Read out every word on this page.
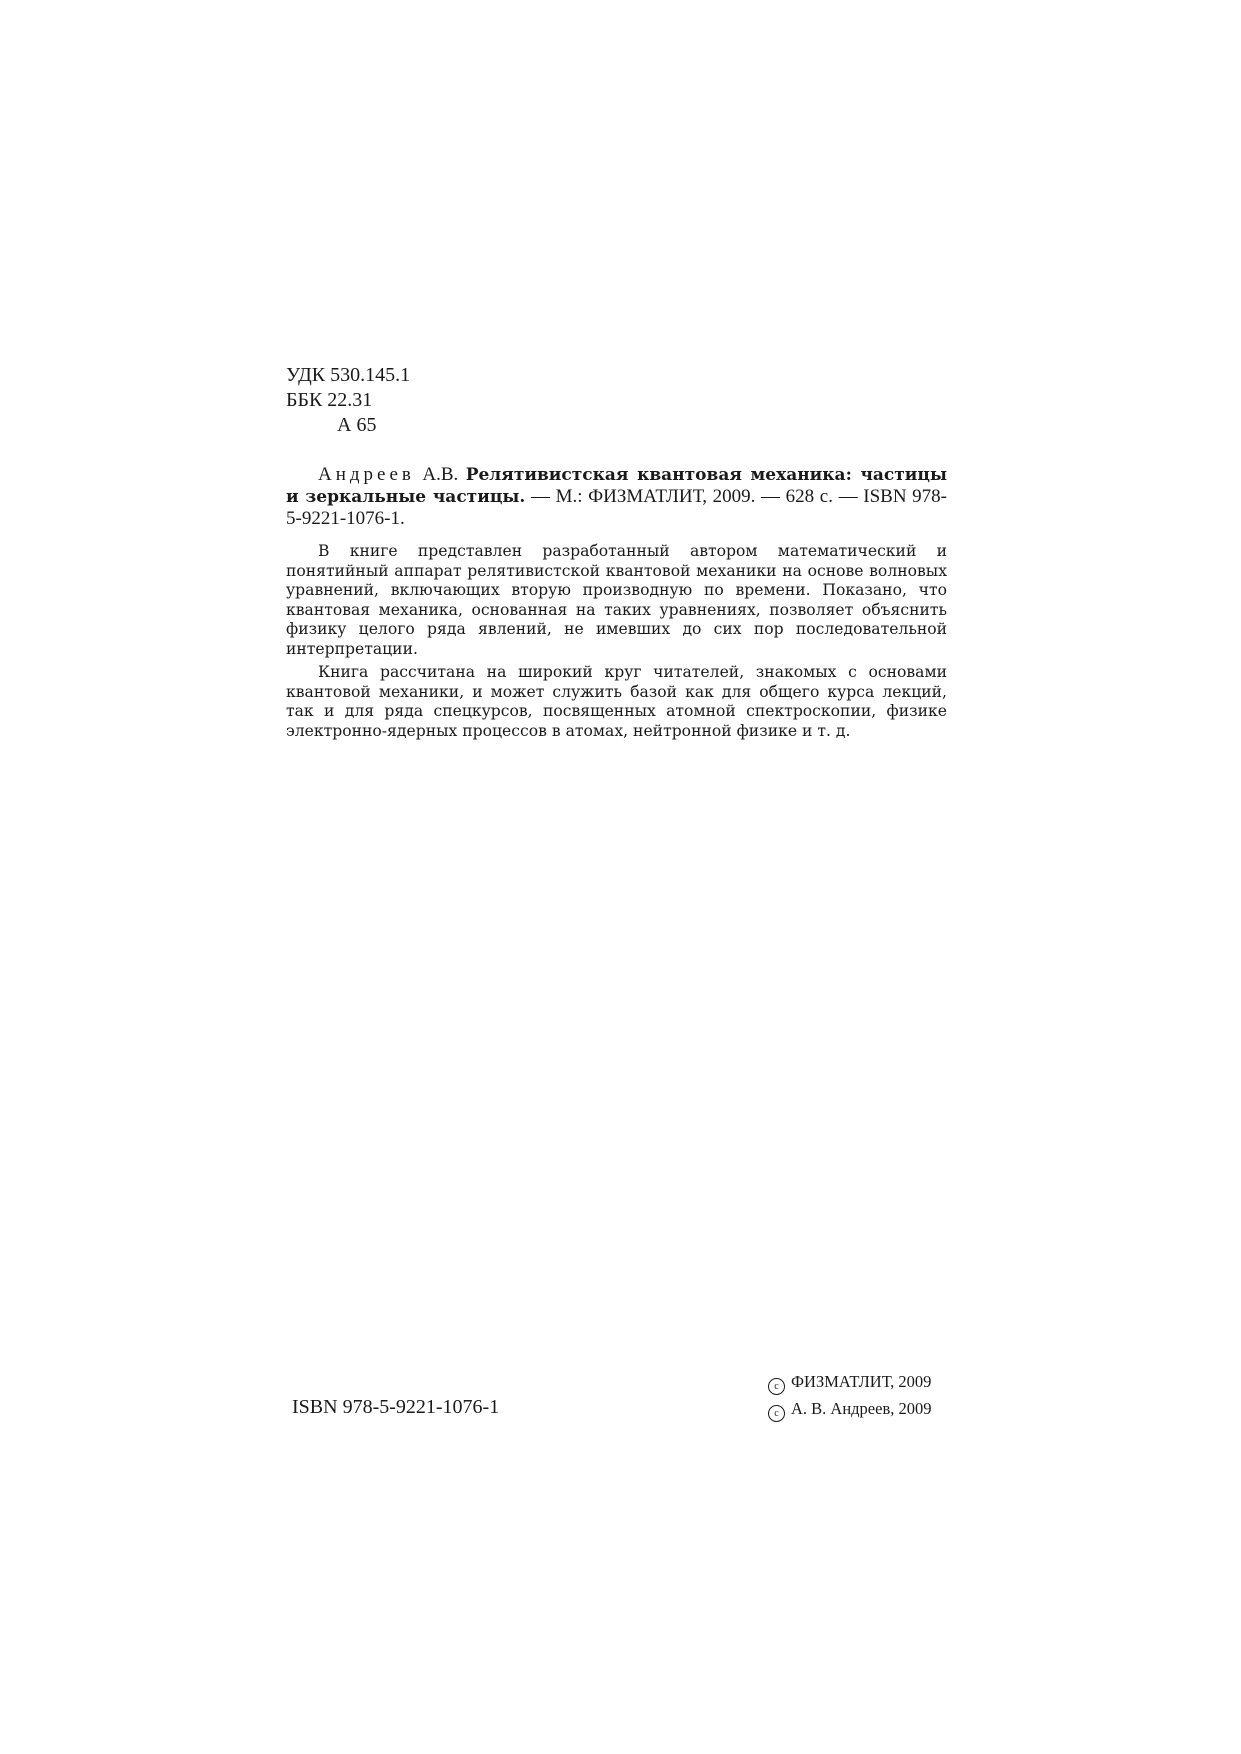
УДК 530.145.1
ББК 22.31
А 65

Андреев А.В. Релятивистская квантовая механика: частицы и зеркальные частицы. — М.: ФИЗМАТЛИТ, 2009. — 628 с. — ISBN 978-5-9221-1076-1.

В книге представлен разработанный автором математический и понятийный аппарат релятивистской квантовой механики на основе волновых уравнений, включающих вторую производную по времени. Показано, что квантовая механика, основанная на таких уравнениях, позволяет объяснить физику целого ряда явлений, не имевших до сих пор последовательной интерпретации.

Книга рассчитана на широкий круг читателей, знакомых с основами квантовой механики, и может служить базой как для общего курса лекций, так и для ряда спецкурсов, посвященных атомной спектроскопии, физике электронно-ядерных процессов в атомах, нейтронной физике и т. д.

ISBN 978-5-9221-1076-1
c ФИЗМАТЛИТ, 2009
c А. В. Андреев, 2009
